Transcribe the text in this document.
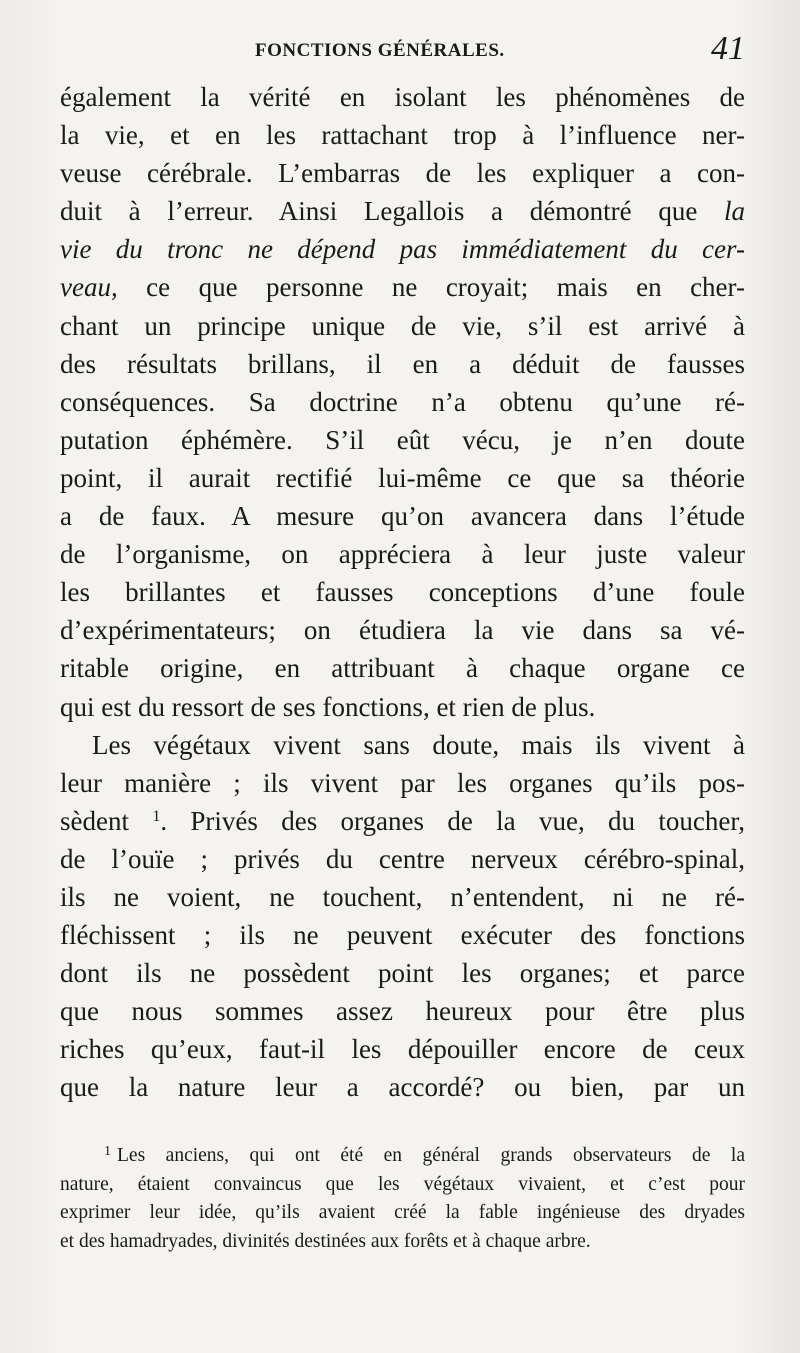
FONCTIONS GÉNÉRALES.	41

également la vérité en isolant les phénomènes de
la vie, et en les rattachant trop à l’influence ner-
veuse cérébrale. L’embarras de les expliquer a con-
duit à l’erreur. Ainsi Legallois a démontré que la
vie du tronc ne dépend pas immédiatement du cer-
veau, ce que personne ne croyait; mais en cher-
chant un principe unique de vie, s’il est arrivé à
des résultats brillans, il en a déduit de fausses
conséquences. Sa doctrine n’a obtenu qu’une ré-
putation éphémère. S’il eût vécu, je n’en doute
point, il aurait rectifié lui-même ce que sa théorie
a de faux. A mesure qu’on avancera dans l’étude
de l’organisme, on appréciera à leur juste valeur
les brillantes et fausses conceptions d’une foule
d’expérimentateurs; on étudiera la vie dans sa vé-
ritable origine, en attribuant à chaque organe ce
qui est du ressort de ses fonctions, et rien de plus.

Les végétaux vivent sans doute, mais ils vivent à
leur manière ; ils vivent par les organes qu’ils pos-
sèdent $^1$. Privés des organes de la vue, du toucher,
de l’ouïe ; privés du centre nerveux cérébro-spinal,
ils ne voient, ne touchent, n’entendent, ni ne ré-
fléchissent ; ils ne peuvent exécuter des fonctions
dont ils ne possèdent point les organes; et parce
que nous sommes assez heureux pour être plus
riches qu’eux, faut-il les dépouiller encore de ceux
que la nature leur a accordé? ou bien, par un

$^1$ Les anciens, qui ont été en général grands observateurs de la
nature, étaient convaincus que les végétaux vivaient, et c’est pour
exprimer leur idée, qu’ils avaient créé la fable ingénieuse des dryades
et des hamadryades, divinités destinées aux forêts et à chaque arbre.
